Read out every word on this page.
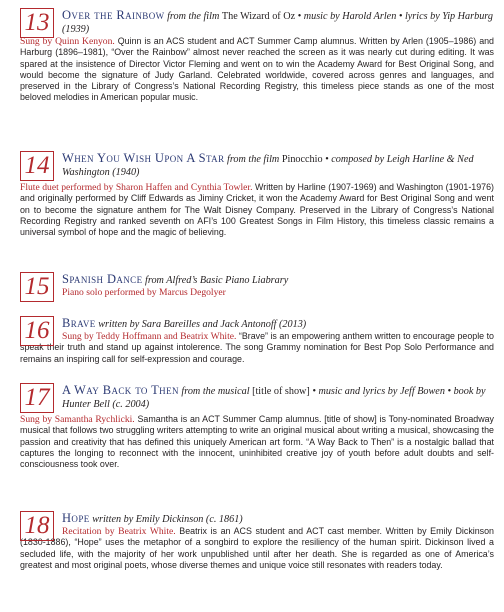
13	Over the Rainbow from the film The Wizard of Oz • music by Harold Arlen • lyrics by Yip Harburg (1939)
Sung by Quinn Kenyon. Quinn is an ACS student and ACT Summer Camp alumnus. Written by Arlen (1905–1986) and Harburg (1896–1981), “Over the Rainbow” almost never reached the screen as it was nearly cut during editing. It was spared at the insistence of Director Victor Fleming and went on to win the Academy Award for Best Original Song, and would become the signature of Judy Garland. Celebrated worldwide, covered across genres and languages, and preserved in the Library of Congress’s National Recording Registry, this timeless piece stands as one of the most beloved melodies in American popular music.
14	When You Wish Upon A Star from the film Pinocchio • composed by Leigh Harline & Ned Washington (1940)
Flute duet performed by Sharon Haffen and Cynthia Towler. Written by Harline (1907-1969) and Washington (1901-1976) and originally performed by Cliff Edwards as Jiminy Cricket, it won the Academy Award for Best Original Song and went on to become the signature anthem for The Walt Disney Company. Preserved in the Library of Congress’s National Recording Registry and ranked seventh on AFI’s 100 Greatest Songs in Film History, this timeless classic remains a universal symbol of hope and the magic of believing.
15	Spanish Dance from Alfred’s Basic Piano Liabrary
Piano solo performed by Marcus Degolyer
16	Brave written by Sara Bareilles and Jack Antonoff (2013)
Sung by Teddy Hoffmann and Beatrix White. “Brave” is an empowering anthem written to encourage people to speak their truth and stand up against intolerence. The song Grammy nomination for Best Pop Solo Performance and remains an inspiring call for self-expression and courage.
17	A Way Back to Then from the musical [title of show] • music and lyrics by Jeff Bowen • book by Hunter Bell (c. 2004)
Sung by Samantha Rychlicki. Samantha is an ACT Summer Camp alumnus. [title of show] is Tony-nominated Broadway musical that follows two struggling writers attempting to write an original musical about writing a musical, showcasing the passion and creativity that has defined this uniquely American art form. “A Way Back to Then” is a nostalgic ballad that captures the longing to reconnect with the innocent, uninhibited creative joy of youth before adult doubts and self-consciousness took over.
18	Hope written by Emily Dickinson (c. 1861)
Recitation by Beatrix White. Beatrix is an ACS student and ACT cast member. Written by Emily Dickinson (1830-1886), “Hope” uses the metaphor of a songbird to explore the resiliency of the human spirit. Dickinson lived a secluded life, with the majority of her work unpublished until after her death. She is regarded as one of America’s greatest and most original poets, whose diverse themes and unique voice still resonates with readers today.
